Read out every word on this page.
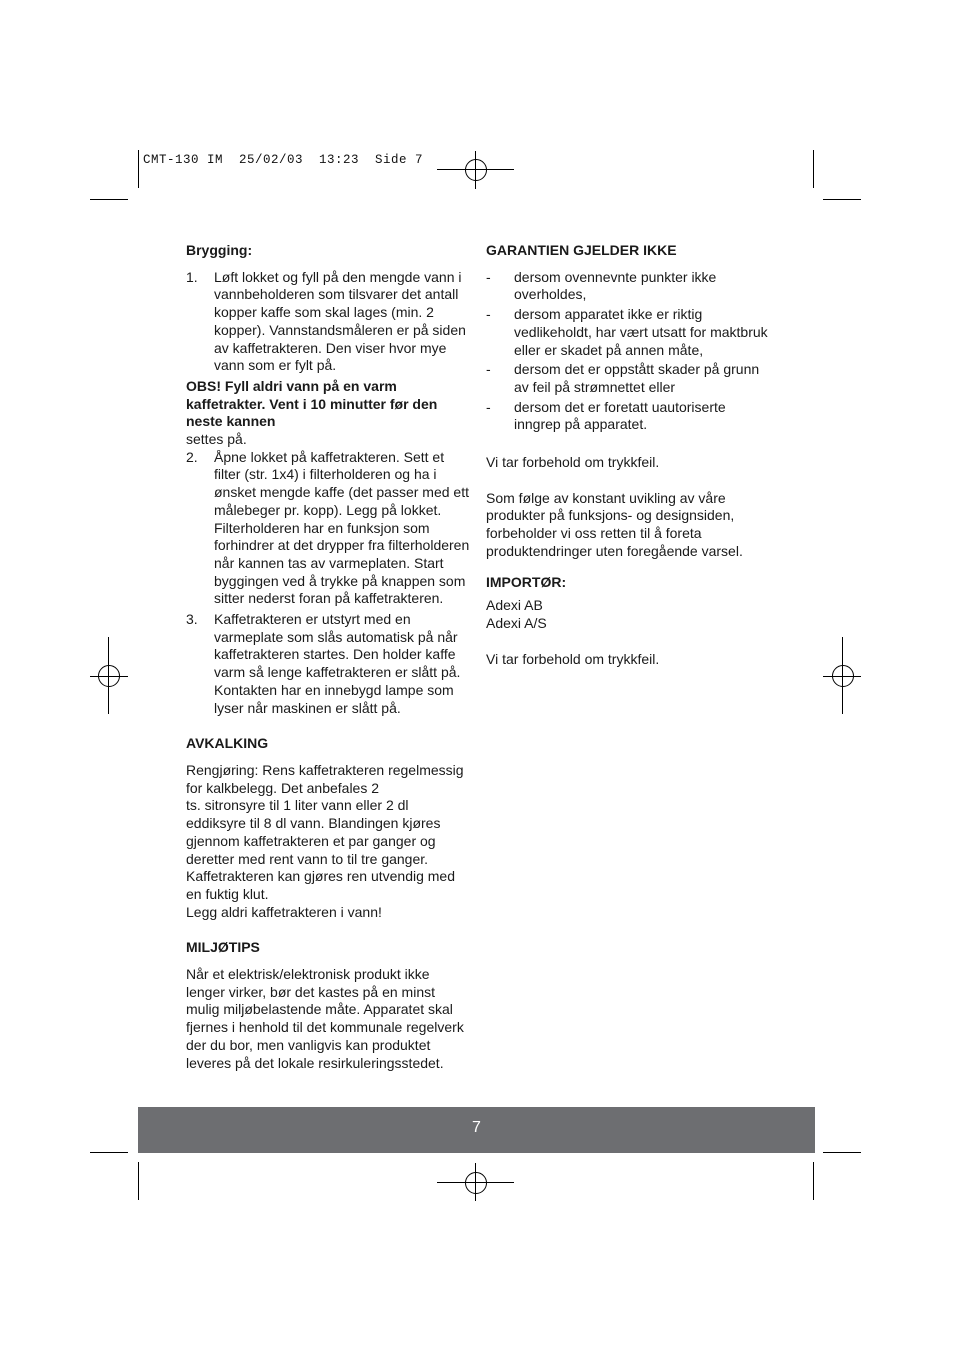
CMT-130 IM  25/02/03  13:23  Side 7

Brygging:

1. Løft lokket og fyll på den mengde vann i vannbeholderen som tilsvarer det antall kopper kaffe som skal lages (min. 2 kopper). Vannstandsmåleren er på siden av kaffetrakteren. Den viser hvor mye vann som er fylt på.

OBS! Fyll aldri vann på en varm kaffetrakter. Vent i 10 minutter før den neste kannen

settes på.

2. Åpne lokket på kaffetrakteren. Sett et filter (str. 1x4) i filterholderen og ha i ønsket mengde kaffe (det passer med ett målebeger pr. kopp). Legg på lokket. Filterholderen har en funksjon som forhindrer at det drypper fra filterholderen når kannen tas av varmeplaten. Start byggingen ved å trykke på knappen som sitter nederst foran på kaffetrakteren.
3. Kaffetrakteren er utstyrt med en varmeplate som slås automatisk på når kaffetrakteren startes. Den holder kaffe varm så lenge kaffetrakteren er slått på. Kontakten har en innebygd lampe som lyser når maskinen er slått på.

AVKALKING

Rengjøring: Rens kaffetrakteren regelmessig for kalkbelegg. Det anbefales 2

ts. sitronsyre til 1 liter vann eller 2 dl eddiksyre til 8 dl vann. Blandingen kjøres gjennom kaffetrakteren et par ganger og deretter med rent vann to til tre ganger. Kaffetrakteren kan gjøres ren utvendig med en fuktig klut.

Legg aldri kaffetrakteren i vann!

MILJØTIPS

Når et elektrisk/elektronisk produkt ikke lenger virker, bør det kastes på en minst mulig miljøbelastende måte. Apparatet skal fjernes i henhold til det kommunale regelverk der du bor, men vanligvis kan produktet leveres på det lokale resirkuleringsstedet.

GARANTIEN GJELDER IKKE

- dersom ovennevnte punkter ikke overholdes,
- dersom apparatet ikke er riktig vedlikeholdt, har vært utsatt for maktbruk eller er skadet på annen måte,
- dersom det er oppstått skader på grunn av feil på strømnettet eller
- dersom det er foretatt uautoriserte inngrep på apparatet.

Vi tar forbehold om trykkfeil.

Som følge av konstant uvikling av våre produkter på funksjons- og designsiden, forbeholder vi oss retten til å foreta produktendringer uten foregående varsel.

IMPORTØR:

Adexi AB

Adexi A/S

Vi tar forbehold om trykkfeil.

7
